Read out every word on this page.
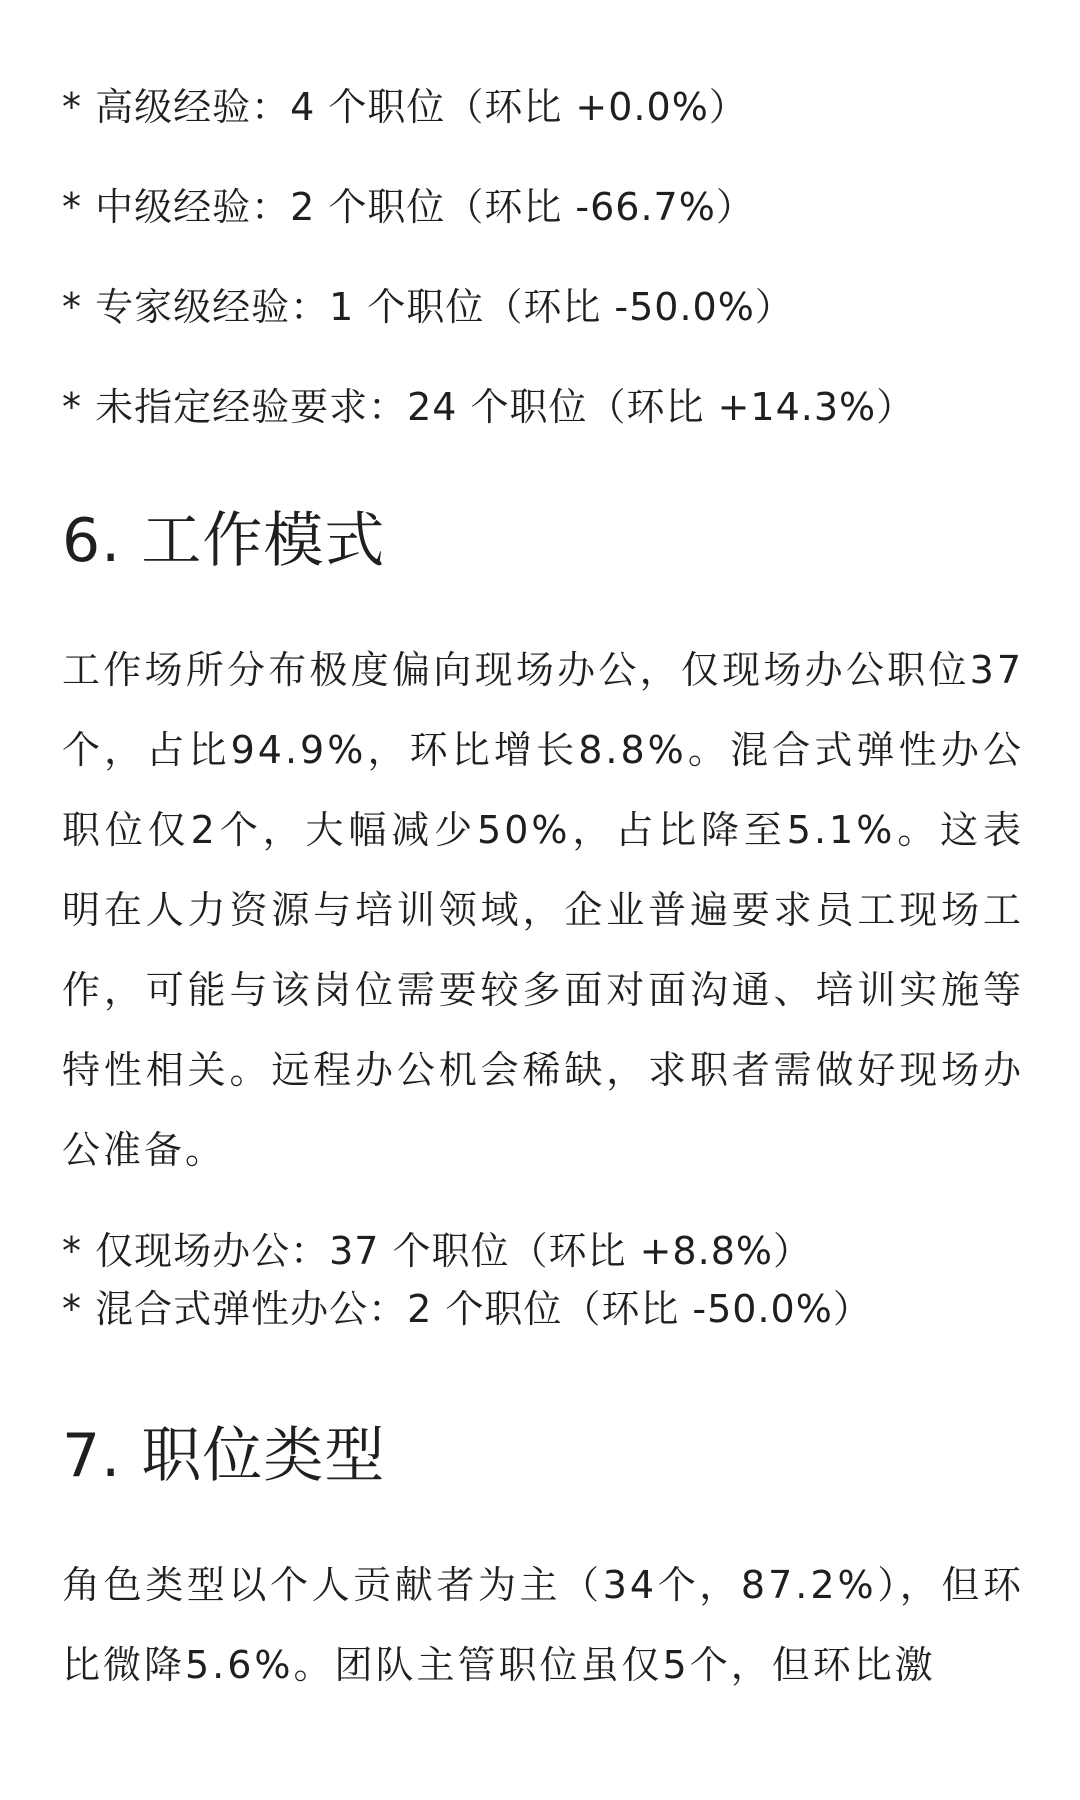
* 高级经验：4 个职位（环比 +0.0%）

* 中级经验：2 个职位（环比 -66.7%）

* 专家级经验：1 个职位（环比 -50.0%）

* 未指定经验要求：24 个职位（环比 +14.3%）

6. 工作模式

工作场所分布极度偏向现场办公，仅现场办公职位37个，占比94.9%，环比增长8.8%。混合式弹性办公职位仅2个，大幅减少50%，占比降至5.1%。这表明在人力资源与培训领域，企业普遍要求员工现场工作，可能与该岗位需要较多面对面沟通、培训实施等特性相关。远程办公机会稀缺，求职者需做好现场办公准备。

* 仅现场办公：37 个职位（环比 +8.8%）

* 混合式弹性办公：2 个职位（环比 -50.0%）

7. 职位类型

角色类型以个人贡献者为主（34个，87.2%），但环比微降5.6%。团队主管职位虽仅5个，但环比激
